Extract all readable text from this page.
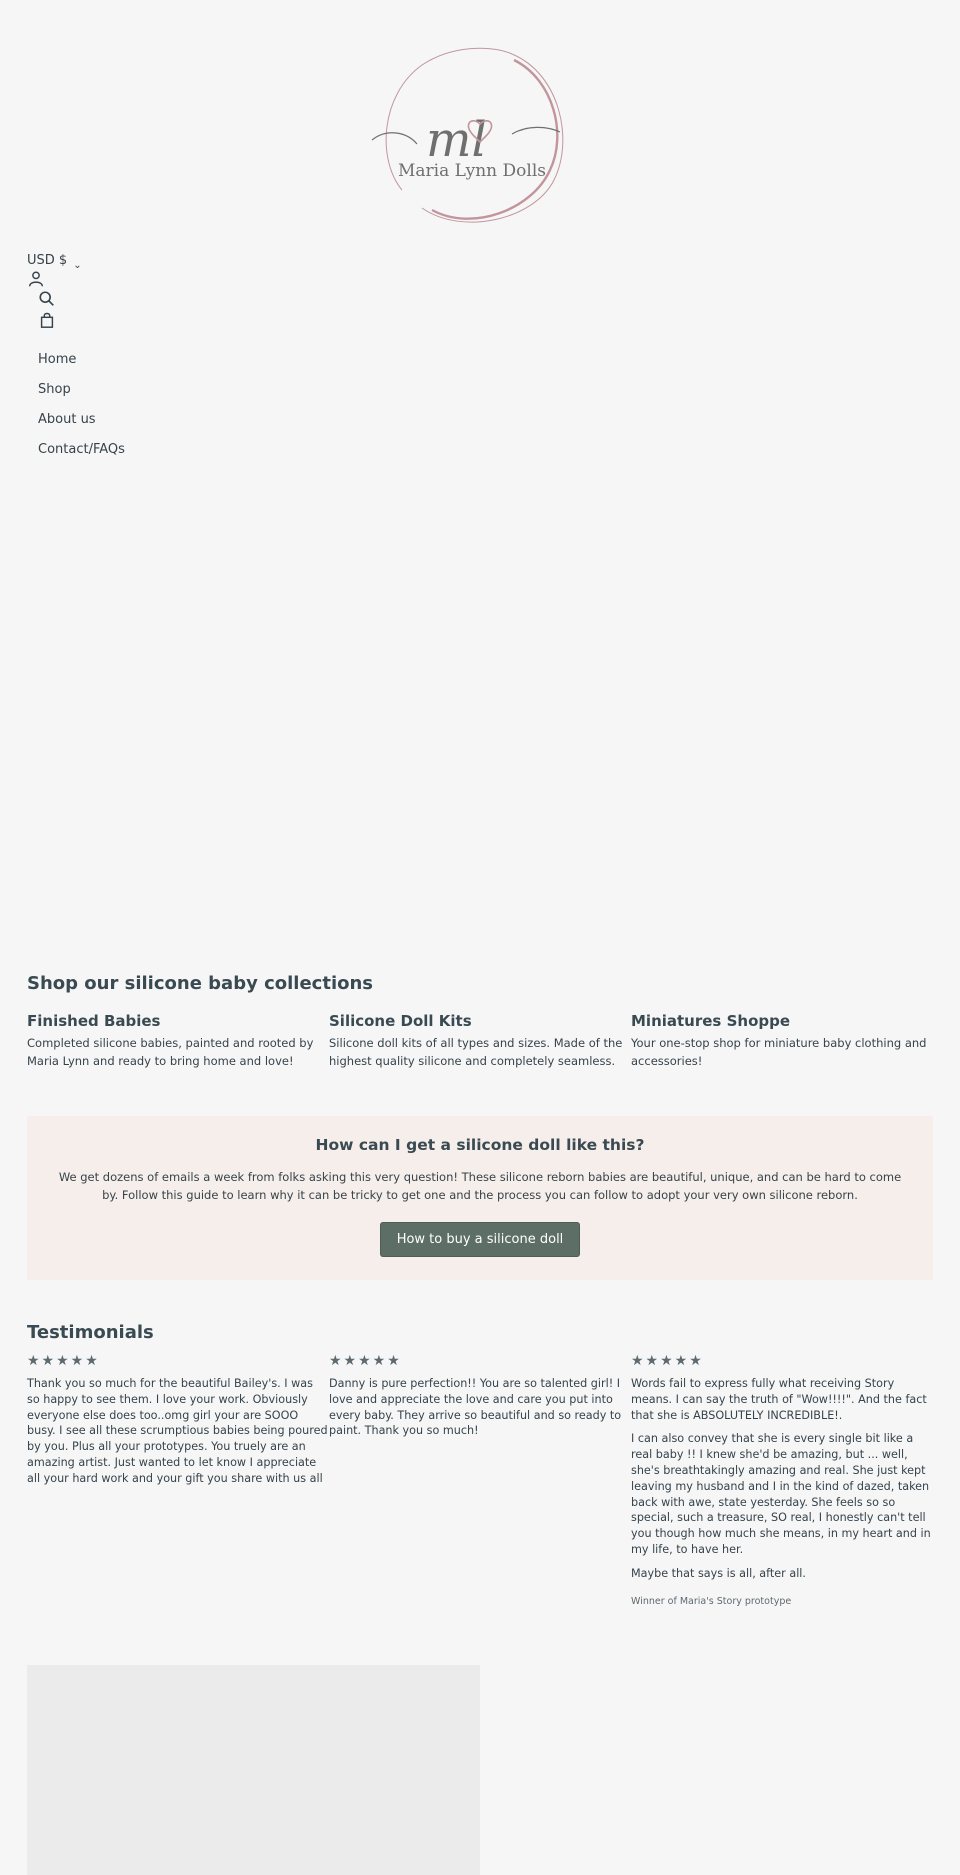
ml
Maria Lynn Dolls
USD $ ⌄
Home
Shop
About us
Contact/FAQs
Shop our silicone baby collections
Finished Babies

Completed silicone babies, painted and rooted by Maria Lynn and ready to bring home and love!

Silicone Doll Kits

Silicone doll kits of all types and sizes. Made of the highest quality silicone and completely seamless.

Miniatures Shoppe

Your one-stop shop for miniature baby clothing and accessories!

How can I get a silicone doll like this?

We get dozens of emails a week from folks asking this very question! These silicone reborn babies are beautiful, unique, and can be hard to come by. Follow this guide to learn why it can be tricky to get one and the process you can follow to adopt your very own silicone reborn.

How to buy a silicone doll
Testimonials
★★★★★

Thank you so much for the beautiful Bailey's. I was so happy to see them. I love your work. Obviously everyone else does too..omg girl your are SOOO busy. I see all these scrumptious babies being poured by you. Plus all your prototypes. You truely are an amazing artist. Just wanted to let know I appreciate all your hard work and your gift you share with us all

★★★★★

Danny is pure perfection!! You are so talented girl! I love and appreciate the love and care you put into every baby. They arrive so beautiful and so ready to paint. Thank you so much!

★★★★★

Words fail to express fully what receiving Story means. I can say the truth of "Wow!!!!". And the fact that she is ABSOLUTELY INCREDIBLE!.

I can also convey that she is every single bit like a real baby !! I knew she'd be amazing, but ... well, she's breathtakingly amazing and real. She just kept leaving my husband and I in the kind of dazed, taken back with awe, state yesterday. She feels so so special, such a treasure, SO real, I honestly can't tell you though how much she means, in my heart and in my life, to have her.

Maybe that says is all, after all.

Winner of Maria's Story prototype
